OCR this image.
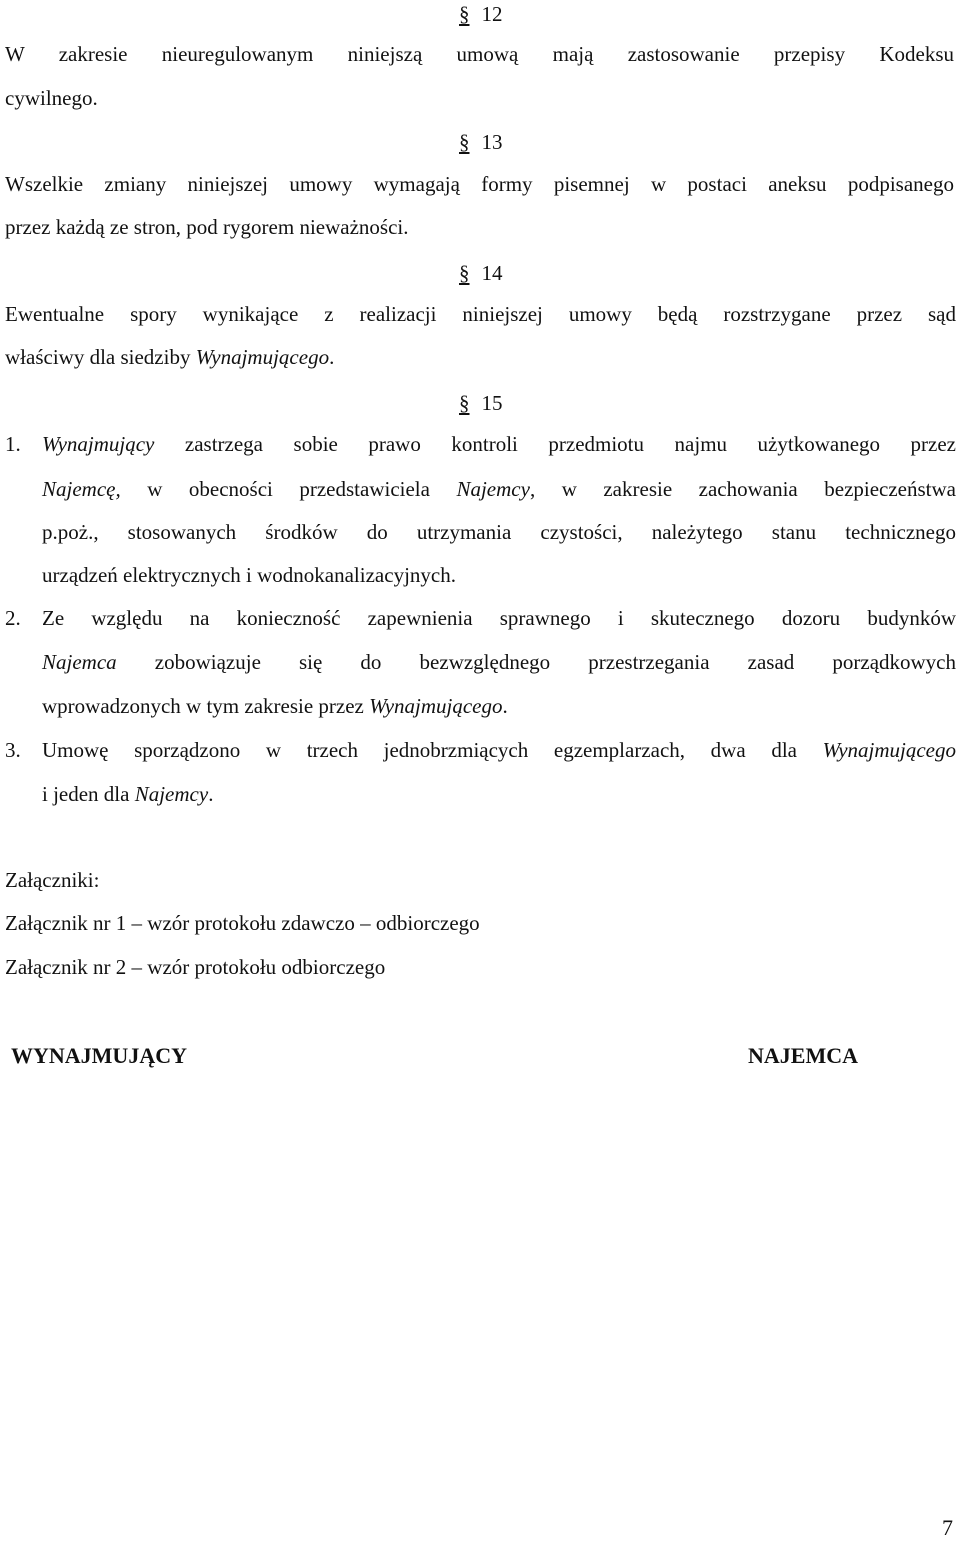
§ 12
W zakresie nieuregulowanym niniejszą umową mają zastosowanie przepisy Kodeksu
cywilnego.
§ 13
Wszelkie zmiany niniejszej umowy wymagają formy pisemnej w postaci aneksu podpisanego
przez każdą ze stron, pod rygorem nieważności.
§ 14
Ewentualne spory wynikające z realizacji niniejszej umowy będą rozstrzygane przez sąd
właściwy dla siedziby Wynajmującego.
§ 15
1. Wynajmujący zastrzega sobie prawo kontroli przedmiotu najmu użytkowanego przez
Najemcę, w obecności przedstawiciela Najemcy, w zakresie zachowania bezpieczeństwa
p.poż., stosowanych środków do utrzymania czystości, należytego stanu technicznego
urządzeń elektrycznych i wodnokanalizacyjnych.
2. Ze względu na konieczność zapewnienia sprawnego i skutecznego dozoru budynków
Najemca zobowiązuje się do bezwzględnego przestrzegania zasad porządkowych
wprowadzonych w tym zakresie przez Wynajmującego.
3. Umowę sporządzono w trzech jednobrzmiących egzemplarzach, dwa dla Wynajmującego
i jeden dla Najemcy.
Załączniki:
Załącznik nr 1 – wzór protokołu zdawczo – odbiorczego
Załącznik nr 2 – wzór protokołu odbiorczego
WYNAJMUJĄCY	NAJEMCA
7
